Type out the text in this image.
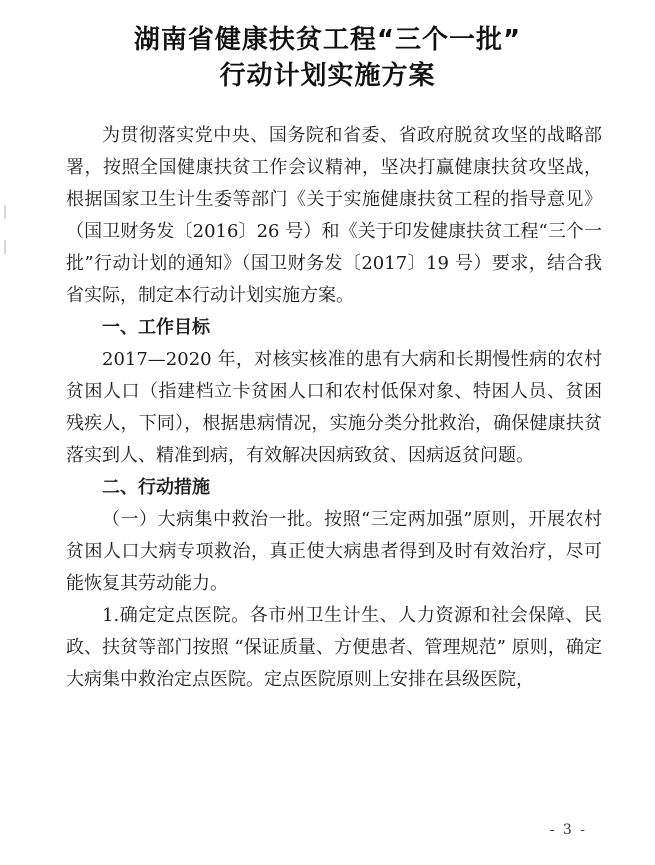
湖南省健康扶贫工程“三个一批”
行动计划实施方案

为贯彻落实党中央、国务院和省委、省政府脱贫攻坚的战略部署，按照全国健康扶贫工作会议精神，坚决打赢健康扶贫攻坚战，根据国家卫生计生委等部门《关于实施健康扶贫工程的指导意见》（国卫财务发〔2016〕26 号）和《关于印发健康扶贫工程“三个一批”行动计划的通知》（国卫财务发〔2017〕19 号）要求，结合我省实际，制定本行动计划实施方案。

一、工作目标

2017—2020 年，对核实核准的患有大病和长期慢性病的农村贫困人口（指建档立卡贫困人口和农村低保对象、特困人员、贫困残疾人，下同），根据患病情况，实施分类分批救治，确保健康扶贫落实到人、精准到病，有效解决因病致贫、因病返贫问题。

二、行动措施

（一）大病集中救治一批。按照“三定两加强”原则，开展农村贫困人口大病专项救治，真正使大病患者得到及时有效治疗，尽可能恢复其劳动能力。

1.确定定点医院。各市州卫生计生、人力资源和社会保障、民政、扶贫等部门按照 “保证质量、方便患者、管理规范” 原则，确定大病集中救治定点医院。定点医院原则上安排在县级医院，

- 3 -
